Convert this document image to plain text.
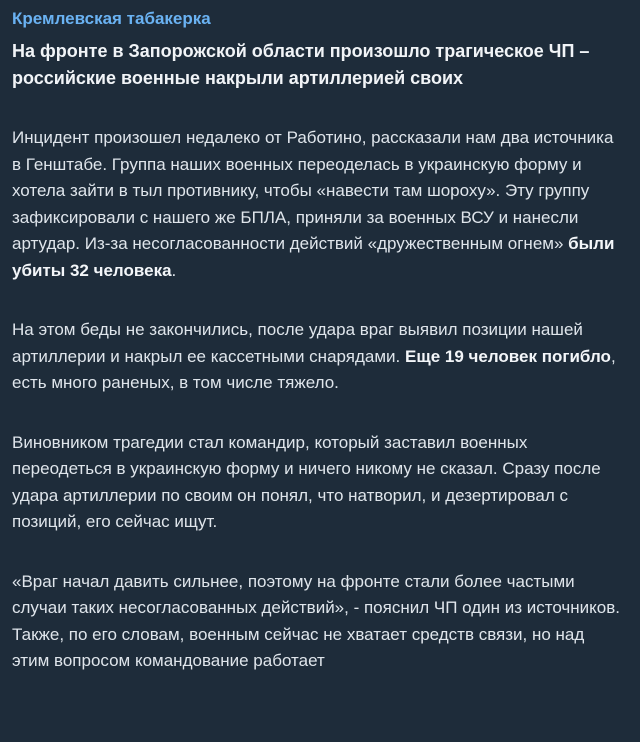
Кремлевская табакерка
На фронте в Запорожской области произошло трагическое ЧП – российские военные накрыли артиллерией своих
Инцидент произошел недалеко от Работино, рассказали нам два источника в Генштабе. Группа наших военных переоделась в украинскую форму и хотела зайти в тыл противнику, чтобы «навести там шороху». Эту группу зафиксировали с нашего же БПЛА, приняли за военных ВСУ и нанесли артудар. Из-за несогласованности действий «дружественным огнем» были убиты 32 человека.
На этом беды не закончились, после удара враг выявил позиции нашей артиллерии и накрыл ее кассетными снарядами. Еще 19 человек погибло, есть много раненых, в том числе тяжело.
Виновником трагедии стал командир, который заставил военных переодеться в украинскую форму и ничего никому не сказал. Сразу после удара артиллерии по своим он понял, что натворил, и дезертировал с позиций, его сейчас ищут.
«Враг начал давить сильнее, поэтому на фронте стали более частыми случаи таких несогласованных действий», - пояснил ЧП один из источников. Также, по его словам, военным сейчас не хватает средств связи, но над этим вопросом командование работает
